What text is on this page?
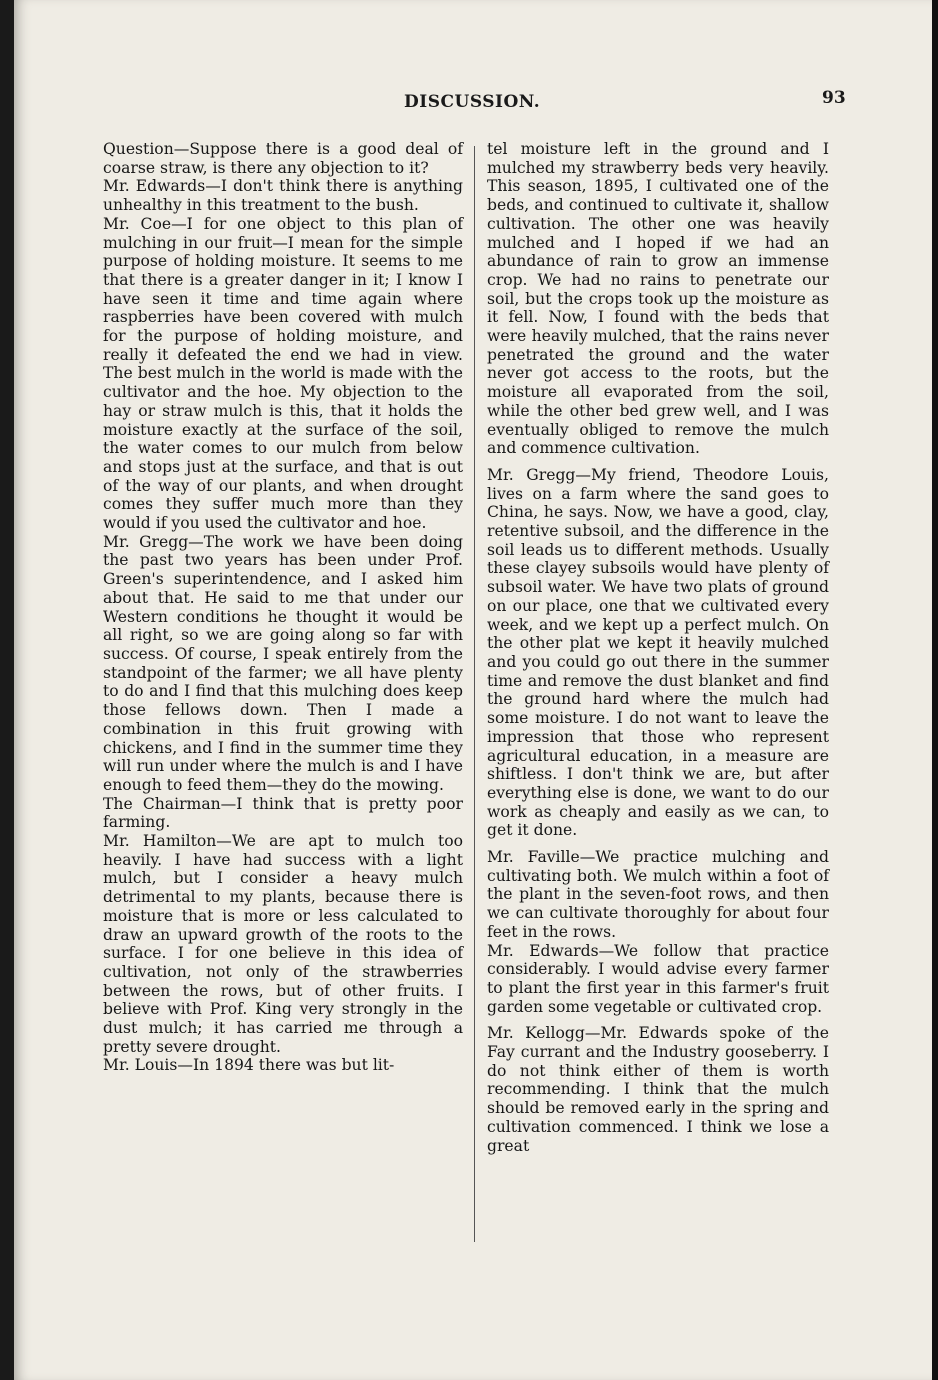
DISCUSSION.	93

Question—Suppose there is a good deal of coarse straw, is there any objection to it?

Mr. Edwards—I don't think there is anything unhealthy in this treatment to the bush.

Mr. Coe—I for one object to this plan of mulching in our fruit—I mean for the simple purpose of holding moisture. It seems to me that there is a greater danger in it; I know I have seen it time and time again where raspberries have been covered with mulch for the purpose of holding moisture, and really it defeated the end we had in view. The best mulch in the world is made with the cultivator and the hoe. My objection to the hay or straw mulch is this, that it holds the moisture exactly at the surface of the soil, the water comes to our mulch from below and stops just at the surface, and that is out of the way of our plants, and when drought comes they suffer much more than they would if you used the cultivator and hoe.

Mr. Gregg—The work we have been doing the past two years has been under Prof. Green's superintendence, and I asked him about that. He said to me that under our Western conditions he thought it would be all right, so we are going along so far with success. Of course, I speak entirely from the standpoint of the farmer; we all have plenty to do and I find that this mulching does keep those fellows down. Then I made a combination in this fruit growing with chickens, and I find in the summer time they will run under where the mulch is and I have enough to feed them—they do the mowing.

The Chairman—I think that is pretty poor farming.

Mr. Hamilton—We are apt to mulch too heavily. I have had success with a light mulch, but I consider a heavy mulch detrimental to my plants, because there is moisture that is more or less calculated to draw an upward growth of the roots to the surface. I for one believe in this idea of cultivation, not only of the strawberries between the rows, but of other fruits. I believe with Prof. King very strongly in the dust mulch; it has carried me through a pretty severe drought.

Mr. Louis—In 1894 there was but lit-

tel moisture left in the ground and I mulched my strawberry beds very heavily. This season, 1895, I cultivated one of the beds, and continued to cultivate it, shallow cultivation. The other one was heavily mulched and I hoped if we had an abundance of rain to grow an immense crop. We had no rains to penetrate our soil, but the crops took up the moisture as it fell. Now, I found with the beds that were heavily mulched, that the rains never penetrated the ground and the water never got access to the roots, but the moisture all evaporated from the soil, while the other bed grew well, and I was eventually obliged to remove the mulch and commence cultivation.

Mr. Gregg—My friend, Theodore Louis, lives on a farm where the sand goes to China, he says. Now, we have a good, clay, retentive subsoil, and the difference in the soil leads us to different methods. Usually these clayey subsoils would have plenty of subsoil water. We have two plats of ground on our place, one that we cultivated every week, and we kept up a perfect mulch. On the other plat we kept it heavily mulched and you could go out there in the summer time and remove the dust blanket and find the ground hard where the mulch had some moisture. I do not want to leave the impression that those who represent agricultural education, in a measure are shiftless. I don't think we are, but after everything else is done, we want to do our work as cheaply and easily as we can, to get it done.

Mr. Faville—We practice mulching and cultivating both. We mulch within a foot of the plant in the seven-foot rows, and then we can cultivate thoroughly for about four feet in the rows.

Mr. Edwards—We follow that practice considerably. I would advise every farmer to plant the first year in this farmer's fruit garden some vegetable or cultivated crop.

Mr. Kellogg—Mr. Edwards spoke of the Fay currant and the Industry gooseberry. I do not think either of them is worth recommending. I think that the mulch should be removed early in the spring and cultivation commenced. I think we lose a great
